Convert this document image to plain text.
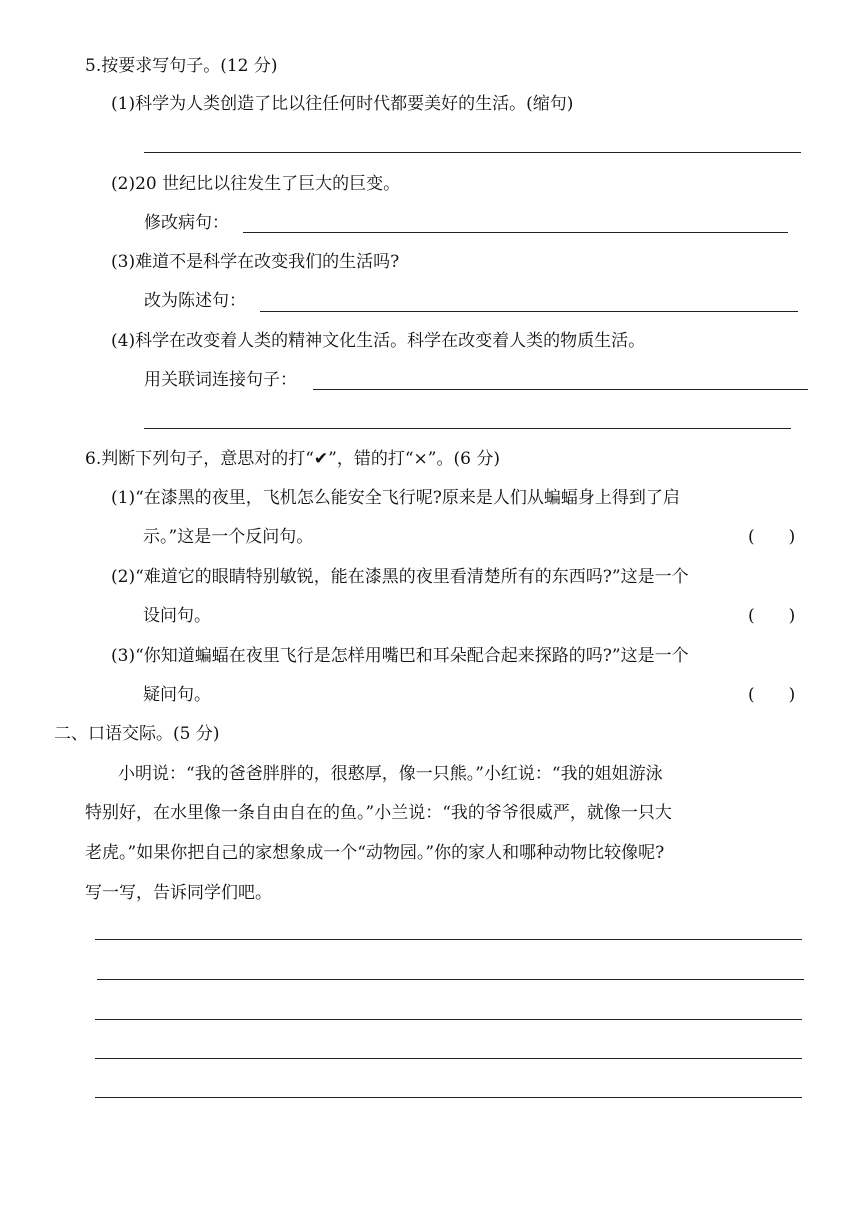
5.按要求写句子。(12 分)
(1)科学为人类创造了比以往任何时代都要美好的生活。(缩句)
(2)20 世纪比以往发生了巨大的巨变。
修改病句：
(3)难道不是科学在改变我们的生活吗?
改为陈述句：
(4)科学在改变着人类的精神文化生活。科学在改变着人类的物质生活。
用关联词连接句子：
6.判断下列句子，意思对的打“✔”，错的打“×”。(6 分)
(1)“在漆黑的夜里，飞机怎么能安全飞行呢?原来是人们从蝙蝠身上得到了启
示。”这是一个反问句。	(　　)
(2)“难道它的眼睛特别敏锐，能在漆黑的夜里看清楚所有的东西吗?”这是一个
设问句。	(　　)
(3)“你知道蝙蝠在夜里飞行是怎样用嘴巴和耳朵配合起来探路的吗?”这是一个
疑问句。	(　　)
二、口语交际。(5 分)
小明说：“我的爸爸胖胖的，很憨厚，像一只熊。”小红说：“我的姐姐游泳
特别好，在水里像一条自由自在的鱼。”小兰说：“我的爷爷很威严，就像一只大
老虎。”如果你把自己的家想象成一个“动物园。”你的家人和哪种动物比较像呢?
写一写，告诉同学们吧。
